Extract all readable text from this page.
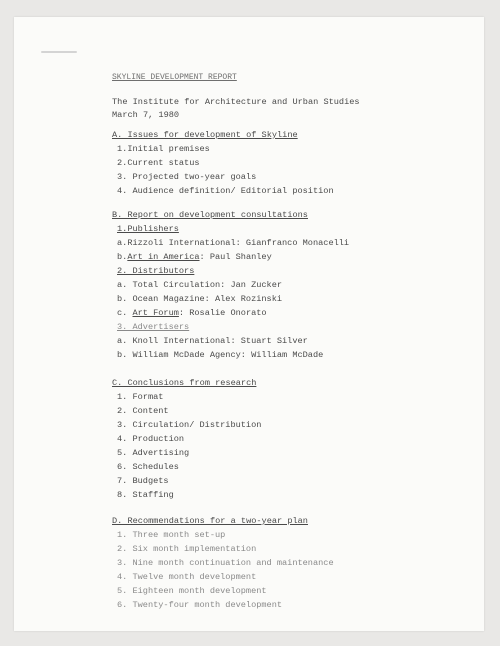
SKYLINE DEVELOPMENT REPORT
The Institute for Architecture and Urban Studies
March 7, 1980
A. Issues for development of Skyline
1.Initial premises
2.Current status
3. Projected two-year goals
4. Audience definition/ Editorial position
B. Report on development consultations
1.Publishers
a.Rizzoli International: Gianfranco Monacelli
b.Art in America: Paul Shanley
2. Distributors
a. Total Circulation: Jan Zucker
b. Ocean Magazine: Alex Rozinski
c. Art Forum: Rosalie Onorato
3. Advertisers
a. Knoll International: Stuart Silver
b. William McDade Agency: William McDade
C. Conclusions from research
1. Format
2. Content
3. Circulation/ Distribution
4. Production
5. Advertising
6. Schedules
7. Budgets
8. Staffing
D. Recommendations for a two-year plan
1. Three month set-up
2. Six month implementation
3. Nine month continuation and maintenance
4. Twelve month development
5. Eighteen month development
6. Twenty-four month development
